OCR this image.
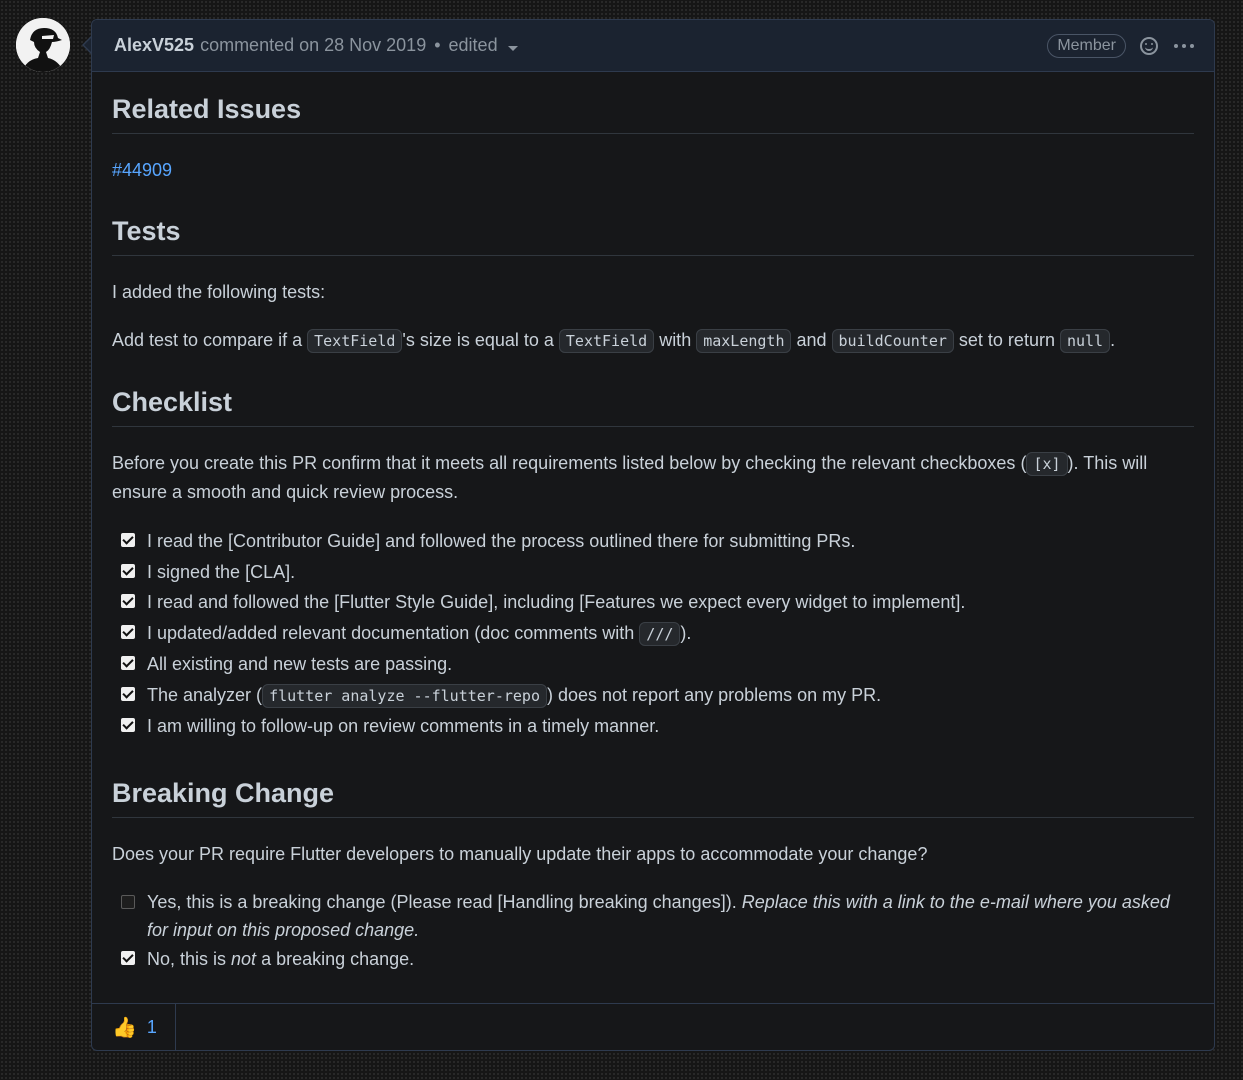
AlexV525 commented on 28 Nov 2019 • edited	Member
Related Issues

#44909

Tests

I added the following tests:

Add test to compare if a TextField 's size is equal to a TextField with maxLength and buildCounter set to return null .

Checklist

Before you create this PR confirm that it meets all requirements listed below by checking the relevant checkboxes ( [x] ). This will ensure a smooth and quick review process.

I read the [Contributor Guide] and followed the process outlined there for submitting PRs.
I signed the [CLA].
I read and followed the [Flutter Style Guide], including [Features we expect every widget to implement].
I updated/added relevant documentation (doc comments with /// ).
All existing and new tests are passing.
The analyzer ( flutter analyze --flutter-repo ) does not report any problems on my PR.
I am willing to follow-up on review comments in a timely manner.
Breaking Change

Does your PR require Flutter developers to manually update their apps to accommodate your change?

Yes, this is a breaking change (Please read [Handling breaking changes]). Replace this with a link to the e-mail where you asked for input on this proposed change.
No, this is not a breaking change.
👍 1
